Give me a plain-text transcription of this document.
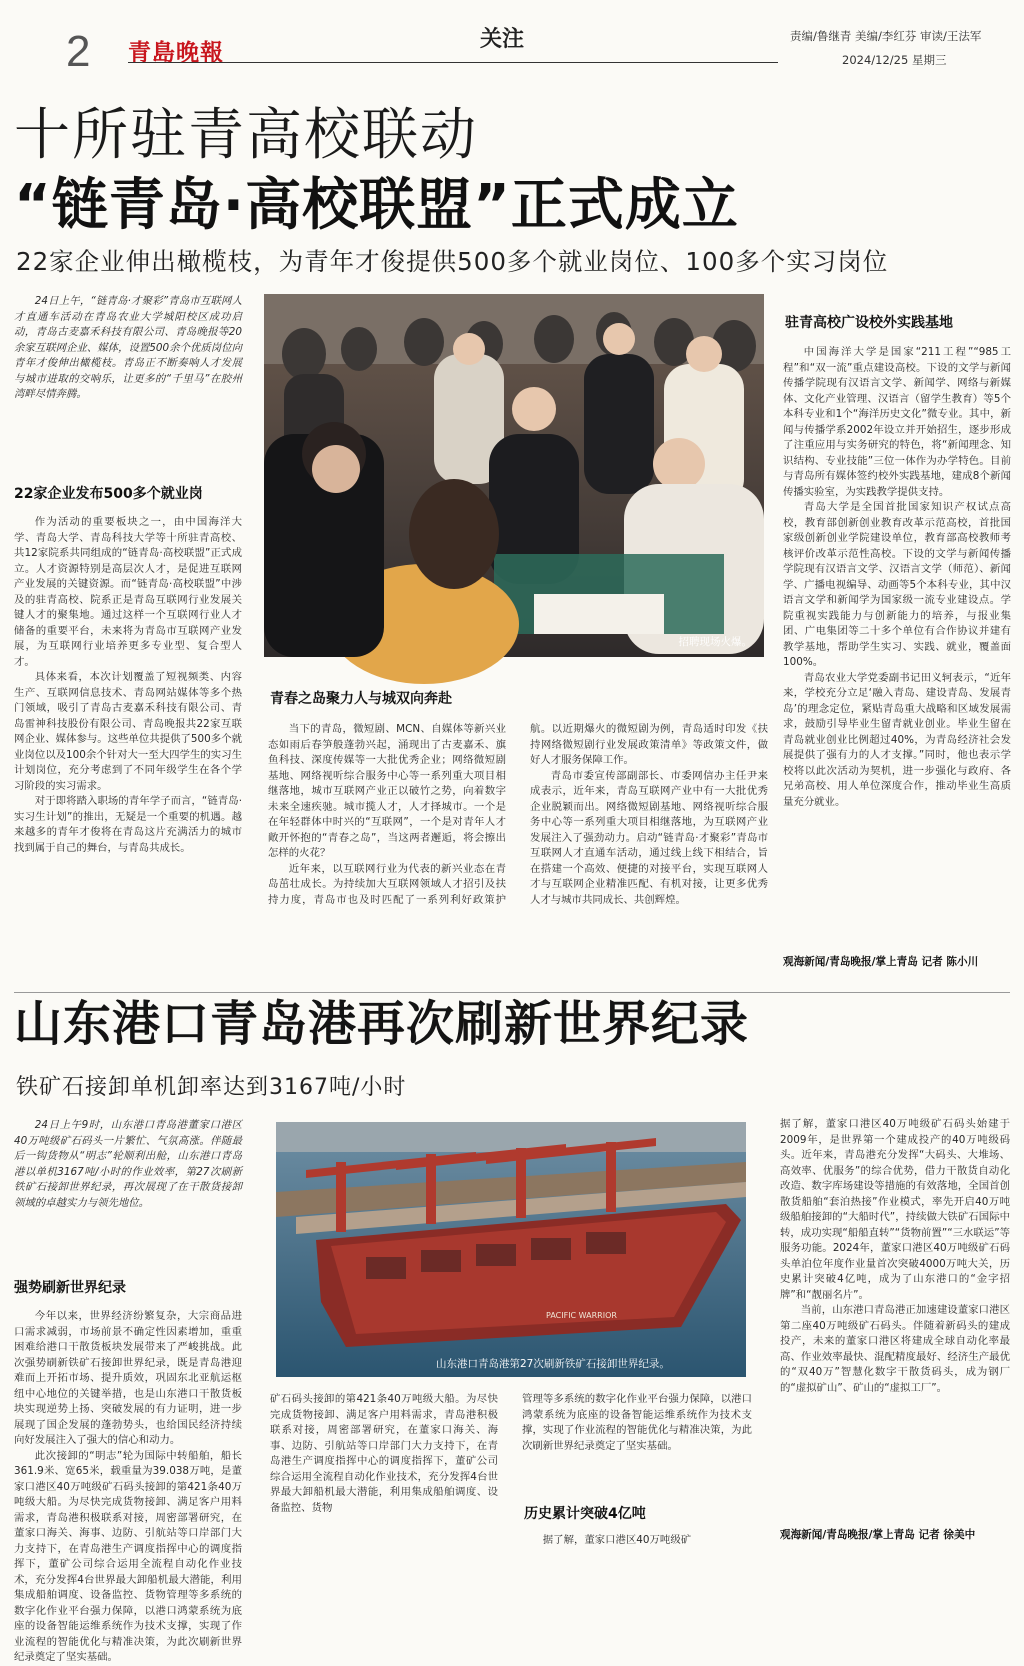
2 青島晚報	关注	责编/鲁继青 美编/李红芬 审读/王法军
2024/12/25 星期三
十所驻青高校联动
“链青岛·高校联盟”正式成立
22家企业伸出橄榄枝，为青年才俊提供500多个就业岗位、100多个实习岗位

24日上午，“链青岛·才聚彩”青岛市互联网人才直通车活动在青岛农业大学城阳校区成功启动，青岛古麦嘉禾科技有限公司、青岛晚报等20余家互联网企业、媒体，设置500余个优质岗位向青年才俊伸出橄榄枝。青岛正不断奏响人才发展与城市进取的交响乐，让更多的“千里马”在胶州湾畔尽情奔腾。

22家企业发布500多个就业岗

作为活动的重要板块之一，由中国海洋大学、青岛大学、青岛科技大学等十所驻青高校、共12家院系共同组成的“链青岛·高校联盟”正式成立。人才资源特别是高层次人才，是促进互联网产业发展的关键资源。而“链青岛·高校联盟”中涉及的驻青高校、院系正是青岛互联网行业发展关键人才的聚集地。通过这样一个互联网行业人才储备的重要平台，未来将为青岛市互联网产业发展，为互联网行业培养更多专业型、复合型人才。

具体来看，本次计划覆盖了短视频类、内容生产、互联网信息技术、青岛网站媒体等多个热门领域，吸引了青岛古麦嘉禾科技有限公司、青岛雷神科技股份有限公司、青岛晚报共22家互联网企业、媒体参与。这些单位共提供了500多个就业岗位以及100余个针对大一至大四学生的实习生计划岗位，充分考虑到了不同年级学生在各个学习阶段的实习需求。

对于即将踏入职场的青年学子而言，“链青岛·实习生计划”的推出，无疑是一个重要的机遇。越来越多的青年才俊将在青岛这片充满活力的城市找到属于自己的舞台，与青岛共成长。

招聘现场火爆。
青春之岛聚力人与城双向奔赴

当下的青岛，微短剧、MCN、自媒体等新兴业态如雨后春笋般蓬勃兴起，涌现出了古麦嘉禾、旗鱼科技、深度传媒等一大批优秀企业；网络微短剧基地、网络视听综合服务中心等一系列重大项目相继落地，城市互联网产业正以破竹之势，向着数字未来全速疾驰。城市揽人才，人才择城市。一个是在年轻群体中时兴的“互联网”，一个是对青年人才敞开怀抱的“青春之岛”，当这两者邂逅，将会擦出怎样的火花？

近年来，以互联网行业为代表的新兴业态在青岛茁壮成长。为持续加大互联网领域人才招引及扶持力度，青岛市也及时匹配了一系列利好政策护航。以近期爆火的微短剧为例，青岛适时印发《扶持网络微短剧行业发展政策清单》等政策文件，做好人才服务保障工作。

青岛市委宣传部副部长、市委网信办主任尹来成表示，近年来，青岛互联网产业中有一大批优秀企业脱颖而出。网络微短剧基地、网络视听综合服务中心等一系列重大项目相继落地，为互联网产业发展注入了强劲动力。启动“链青岛·才聚彩”青岛市互联网人才直通车活动，通过线上线下相结合，旨在搭建一个高效、便捷的对接平台，实现互联网人才与互联网企业精准匹配、有机对接，让更多优秀人才与城市共同成长、共创辉煌。

驻青高校广设校外实践基地

中国海洋大学是国家“211工程”“985工程”和“双一流”重点建设高校。下设的文学与新闻传播学院现有汉语言文学、新闻学、网络与新媒体、文化产业管理、汉语言（留学生教育）等5个本科专业和1个“海洋历史文化”微专业。其中，新闻与传播学系2002年设立并开始招生，逐步形成了注重应用与实务研究的特色，将“新闻理念、知识结构、专业技能”三位一体作为办学特色。目前与青岛所有媒体签约校外实践基地，建成8个新闻传播实验室，为实践教学提供支持。

青岛大学是全国首批国家知识产权试点高校，教育部创新创业教育改革示范高校，首批国家级创新创业学院建设单位，教育部高校教师考核评价改革示范性高校。下设的文学与新闻传播学院现有汉语言文学、汉语言文学（师范）、新闻学、广播电视编导、动画等5个本科专业，其中汉语言文学和新闻学为国家级一流专业建设点。学院重视实践能力与创新能力的培养，与报业集团、广电集团等二十多个单位有合作协议并建有教学基地，帮助学生实习、实践、就业，覆盖面100%。

青岛农业大学党委副书记田义轲表示，“近年来，学校充分立足‘融入青岛、建设青岛、发展青岛’的理念定位，紧贴青岛重大战略和区域发展需求，鼓励引导毕业生留青就业创业。毕业生留在青岛就业创业比例超过40%，为青岛经济社会发展提供了强有力的人才支撑。”同时，他也表示学校将以此次活动为契机，进一步强化与政府、各兄弟高校、用人单位深度合作，推动毕业生高质量充分就业。

观海新闻/青岛晚报/掌上青岛 记者 陈小川
山东港口青岛港再次刷新世界纪录
铁矿石接卸单机卸率达到3167吨/小时

24日上午9时，山东港口青岛港董家口港区40万吨级矿石码头一片繁忙、气氛高涨。伴随最后一钩货物从“明志”轮顺利出舱，山东港口青岛港以单机3167吨/小时的作业效率，第27次刷新铁矿石接卸世界纪录，再次展现了在干散货接卸领域的卓越实力与领先地位。

强势刷新世界纪录
PACIFIC WARRIOR
山东港口青岛港第27次刷新铁矿石接卸世界纪录。

今年以来，世界经济纷繁复杂，大宗商品进口需求减弱，市场前景不确定性因素增加，重重困难给港口干散货板块发展带来了严峻挑战。此次强势刷新铁矿石接卸世界纪录，既是青岛港迎难而上开拓市场、提升质效，巩固东北亚航运枢纽中心地位的关键举措，也是山东港口干散货板块实现逆势上扬、突破发展的有力证明，进一步展现了国企发展的蓬勃势头，也给国民经济持续向好发展注入了强大的信心和动力。

此次接卸的“明志”轮为国际中转船舶，船长361.9米、宽65米，载重量为39.038万吨，是董家口港区40万吨级矿石码头接卸的第421条40万吨级大船。为尽快完成货物接卸、满足客户用料需求，青岛港积极联系对接，周密部署研究，在董家口海关、海事、边防、引航站等口岸部门大力支持下，在青岛港生产调度指挥中心的调度指挥下，董矿公司综合运用全流程自动化作业技术，充分发挥4台世界最大卸船机最大潜能，利用集成船舶调度、设备监控、货物管理等多系统的数字化作业平台强力保障，以港口鸿蒙系统为底座的设备智能运维系统作为技术支撑，实现了作业流程的智能优化与精准决策，为此次刷新世界纪录奠定了坚实基础。

矿石码头接卸的第421条40万吨级大船。为尽快完成货物接卸、满足客户用料需求，青岛港积极联系对接，周密部署研究，在董家口海关、海事、边防、引航站等口岸部门大力支持下，在青岛港生产调度指挥中心的调度指挥下，董矿公司综合运用全流程自动化作业技术，充分发挥4台世界最大卸船机最大潜能，利用集成船舶调度、设备监控、货物

管理等多系统的数字化作业平台强力保障，以港口鸿蒙系统为底座的设备智能运维系统作为技术支撑，实现了作业流程的智能优化与精准决策，为此次刷新世界纪录奠定了坚实基础。

历史累计突破4亿吨

据了解，董家口港区40万吨级矿

据了解，董家口港区40万吨级矿石码头始建于2009年，是世界第一个建成投产的40万吨级码头。近年来，青岛港充分发挥“大码头、大堆场、高效率、优服务”的综合优势，借力干散货自动化改造、数字库场建设等措施的有效落地，全国首创散货船舶“套泊热接”作业模式，率先开启40万吨级船舶接卸的“大船时代”，持续做大铁矿石国际中转，成功实现“船船直转”“货物前置”“三水联运”等服务功能。2024年，董家口港区40万吨级矿石码头单泊位年度作业量首次突破4000万吨大关，历史累计突破4亿吨，成为了山东港口的“金字招牌”和“靓丽名片”。

当前，山东港口青岛港正加速建设董家口港区第二座40万吨级矿石码头。伴随着新码头的建成投产，未来的董家口港区将建成全球自动化率最高、作业效率最快、混配精度最好、经济生产最优的“双40万”智慧化数字干散货码头，成为钢厂的“虚拟矿山”、矿山的“虚拟工厂”。

观海新闻/青岛晚报/掌上青岛 记者 徐美中
